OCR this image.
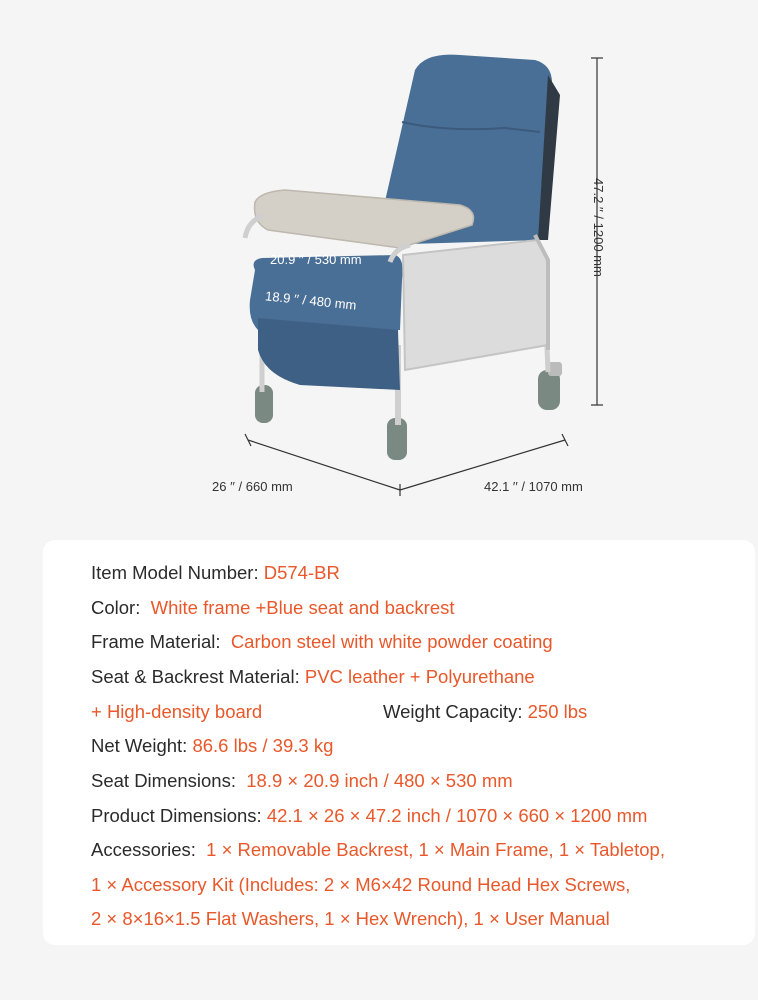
47.2 ′′ / 1200 mm
26 ′′ / 660 mm	42.1 ′′ / 1070 mm
20.9 ′′ / 530 mm
18.9 ′′ / 480 mm
Item Model Number: D574-BR
Color: White frame +Blue seat and backrest
Frame Material: Carbon steel with white powder coating
Seat & Backrest Material: PVC leather + Polyurethane
+ High-density board	Weight Capacity: 250 lbs
Net Weight: 86.6 lbs / 39.3 kg
Seat Dimensions: 18.9 × 20.9 inch / 480 × 530 mm
Product Dimensions: 42.1 × 26 × 47.2 inch / 1070 × 660 × 1200 mm
Accessories: 1 × Removable Backrest, 1 × Main Frame, 1 × Tabletop,
1 × Accessory Kit (Includes: 2 × M6×42 Round Head Hex Screws,
2 × 8×16×1.5 Flat Washers, 1 × Hex Wrench), 1 × User Manual
